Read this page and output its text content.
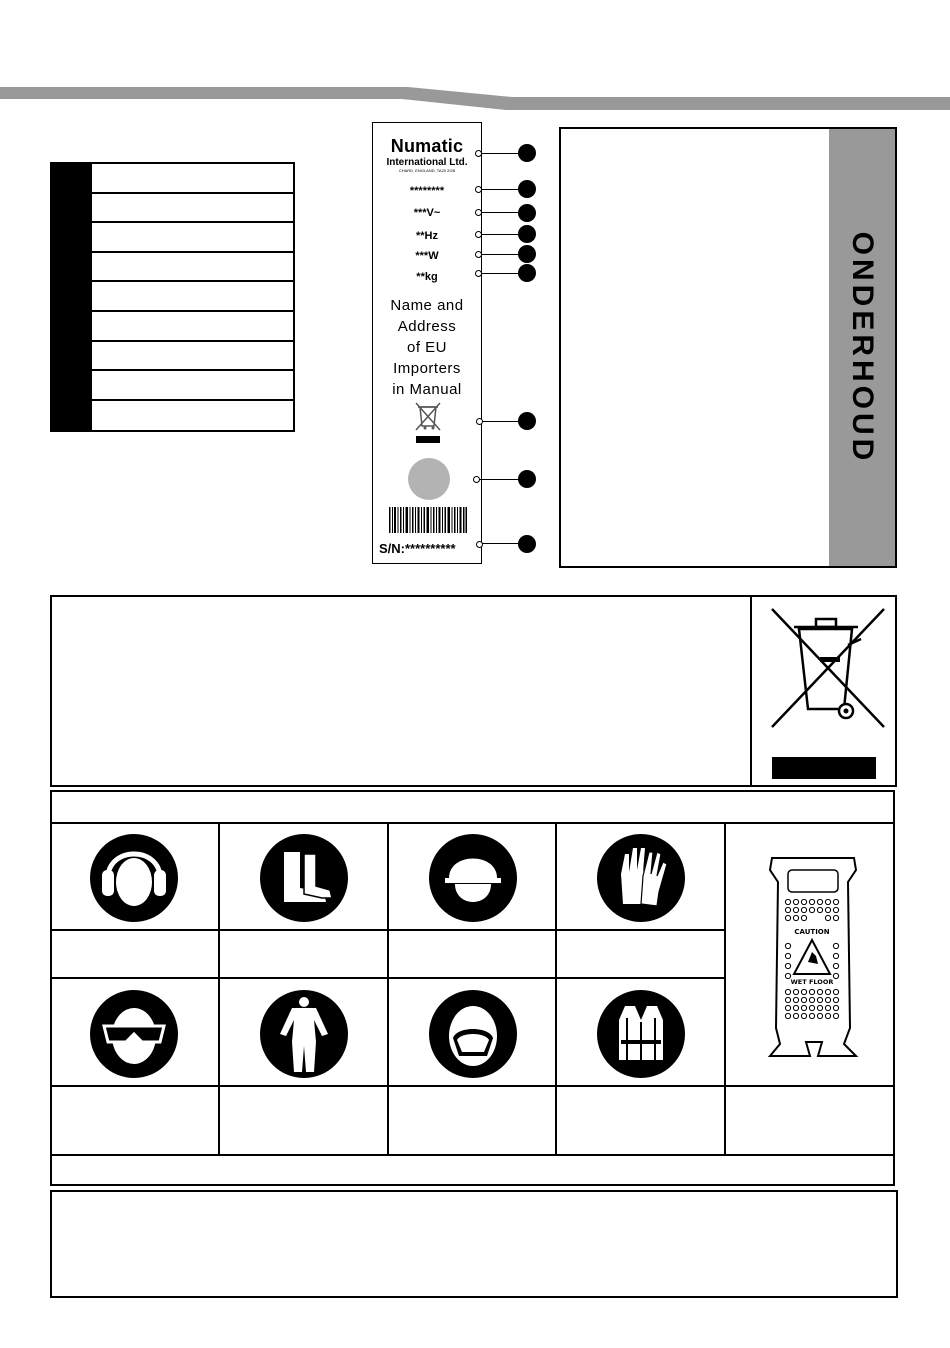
Numatic
International Ltd.
CHARD, ENGLAND, TA20 2GB
********
***V~
**Hz
***W
**kg
Name and
Address
of EU
Importers
in Manual
S/N:**********
ONDERHOUD
CAUTION
WET FLOOR
